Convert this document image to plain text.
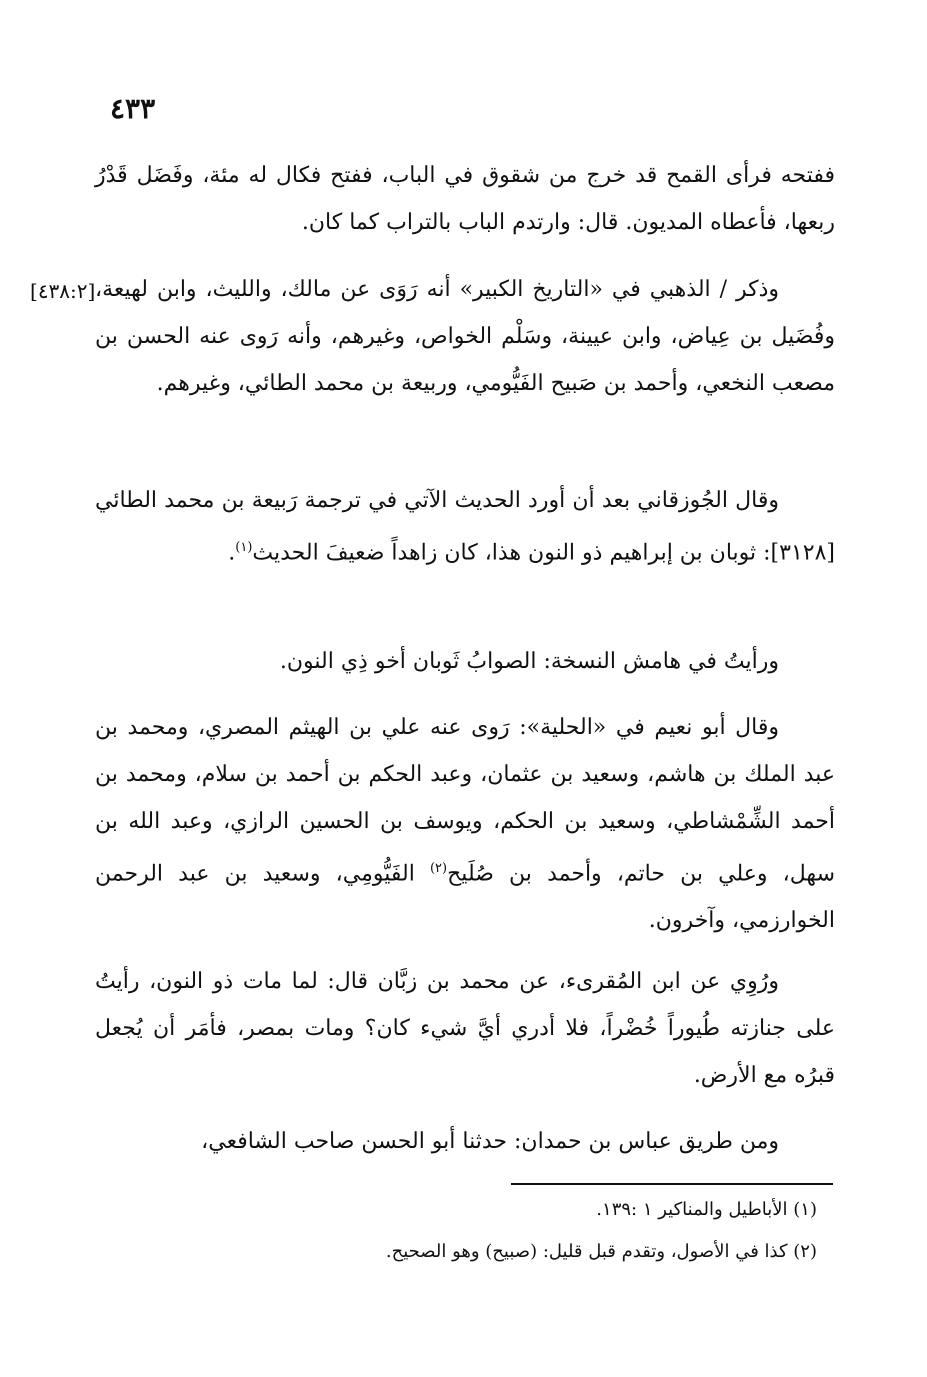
٤٣٣
[٤٣٨:٢]

ففتحه فرأى القمح قد خرج من شقوق في الباب، ففتح فكال له مئة، وفَضَل قَدْرُ ربعها، فأعطاه المديون. قال: وارتدم الباب بالتراب كما كان.

وذكر / الذهبي في «التاريخ الكبير» أنه رَوَى عن مالك، والليث، وابن لهيعة، وفُضَيل بن عِياض، وابن عيينة، وسَلْم الخواص، وغيرهم، وأنه رَوى عنه الحسن بن مصعب النخعي، وأحمد بن صَبيح الفَيُّومي، وربيعة بن محمد الطائي، وغيرهم.

وقال الجُوزقاني بعد أن أورد الحديث الآتي في ترجمة رَبيعة بن محمد الطائي [٣١٢٨]: ثوبان بن إبراهيم ذو النون هذا، كان زاهداً ضعيفَ الحديث$^{(١)}$.

ورأيتُ في هامش النسخة: الصوابُ ثَوبان أخو ذِي النون.

وقال أبو نعيم في «الحلية»: رَوى عنه علي بن الهيثم المصري، ومحمد بن عبد الملك بن هاشم، وسعيد بن عثمان، وعبد الحكم بن أحمد بن سلام، ومحمد بن أحمد الشِّمْشاطي، وسعيد بن الحكم، ويوسف بن الحسين الرازي، وعبد الله بن سهل، وعلي بن حاتم، وأحمد بن صُلَيح$^{(٢)}$ الفَيُّومِي، وسعيد بن عبد الرحمن الخوارزمي، وآخرون.

ورُوِي عن ابن المُقرىء، عن محمد بن زبَّان قال: لما مات ذو النون، رأيتُ على جنازته طُيوراً خُضْراً، فلا أدري أيَّ شيء كان؟ ومات بمصر، فأمَر أن يُجعل قبرُه مع الأرض.

ومن طريق عباس بن حمدان: حدثنا أبو الحسن صاحب الشافعي،

(١) الأباطيل والمناكير ١ :١٣٩.
(٢) كذا في الأصول، وتقدم قبل قليل: (صبيح) وهو الصحيح.
